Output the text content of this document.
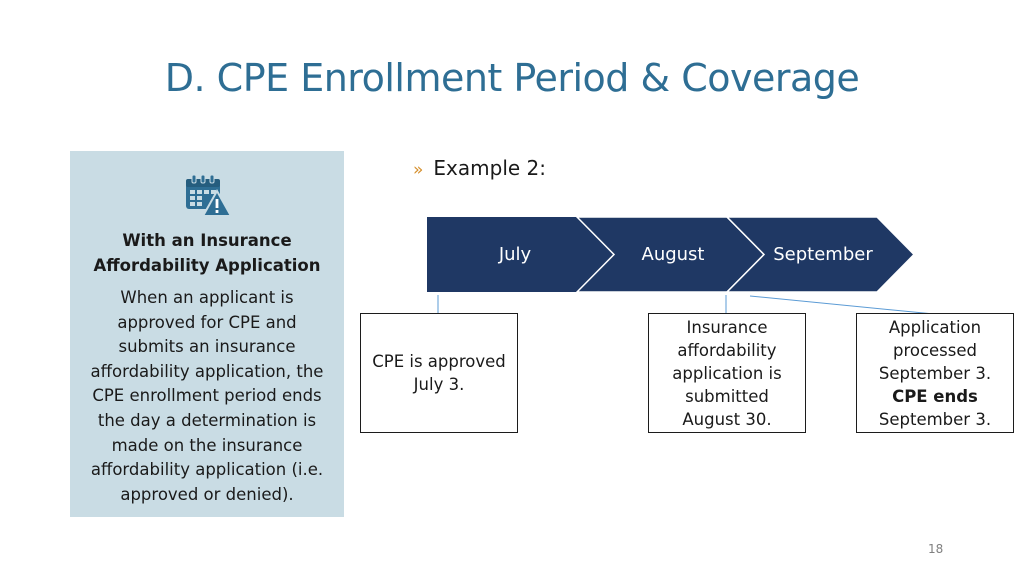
D. CPE Enrollment Period & Coverage
With an Insurance
Affordability Application
When an applicant is
approved for CPE and
submits an insurance
affordability application, the
CPE enrollment period ends
the day a determination is
made on the insurance
affordability application (i.e.
approved or denied).
» Example 2:
July	August	September
CPE is approved
July 3.
Insurance
affordability
application is
submitted
August 30.
Application
processed
September 3.
CPE ends
September 3.
18
